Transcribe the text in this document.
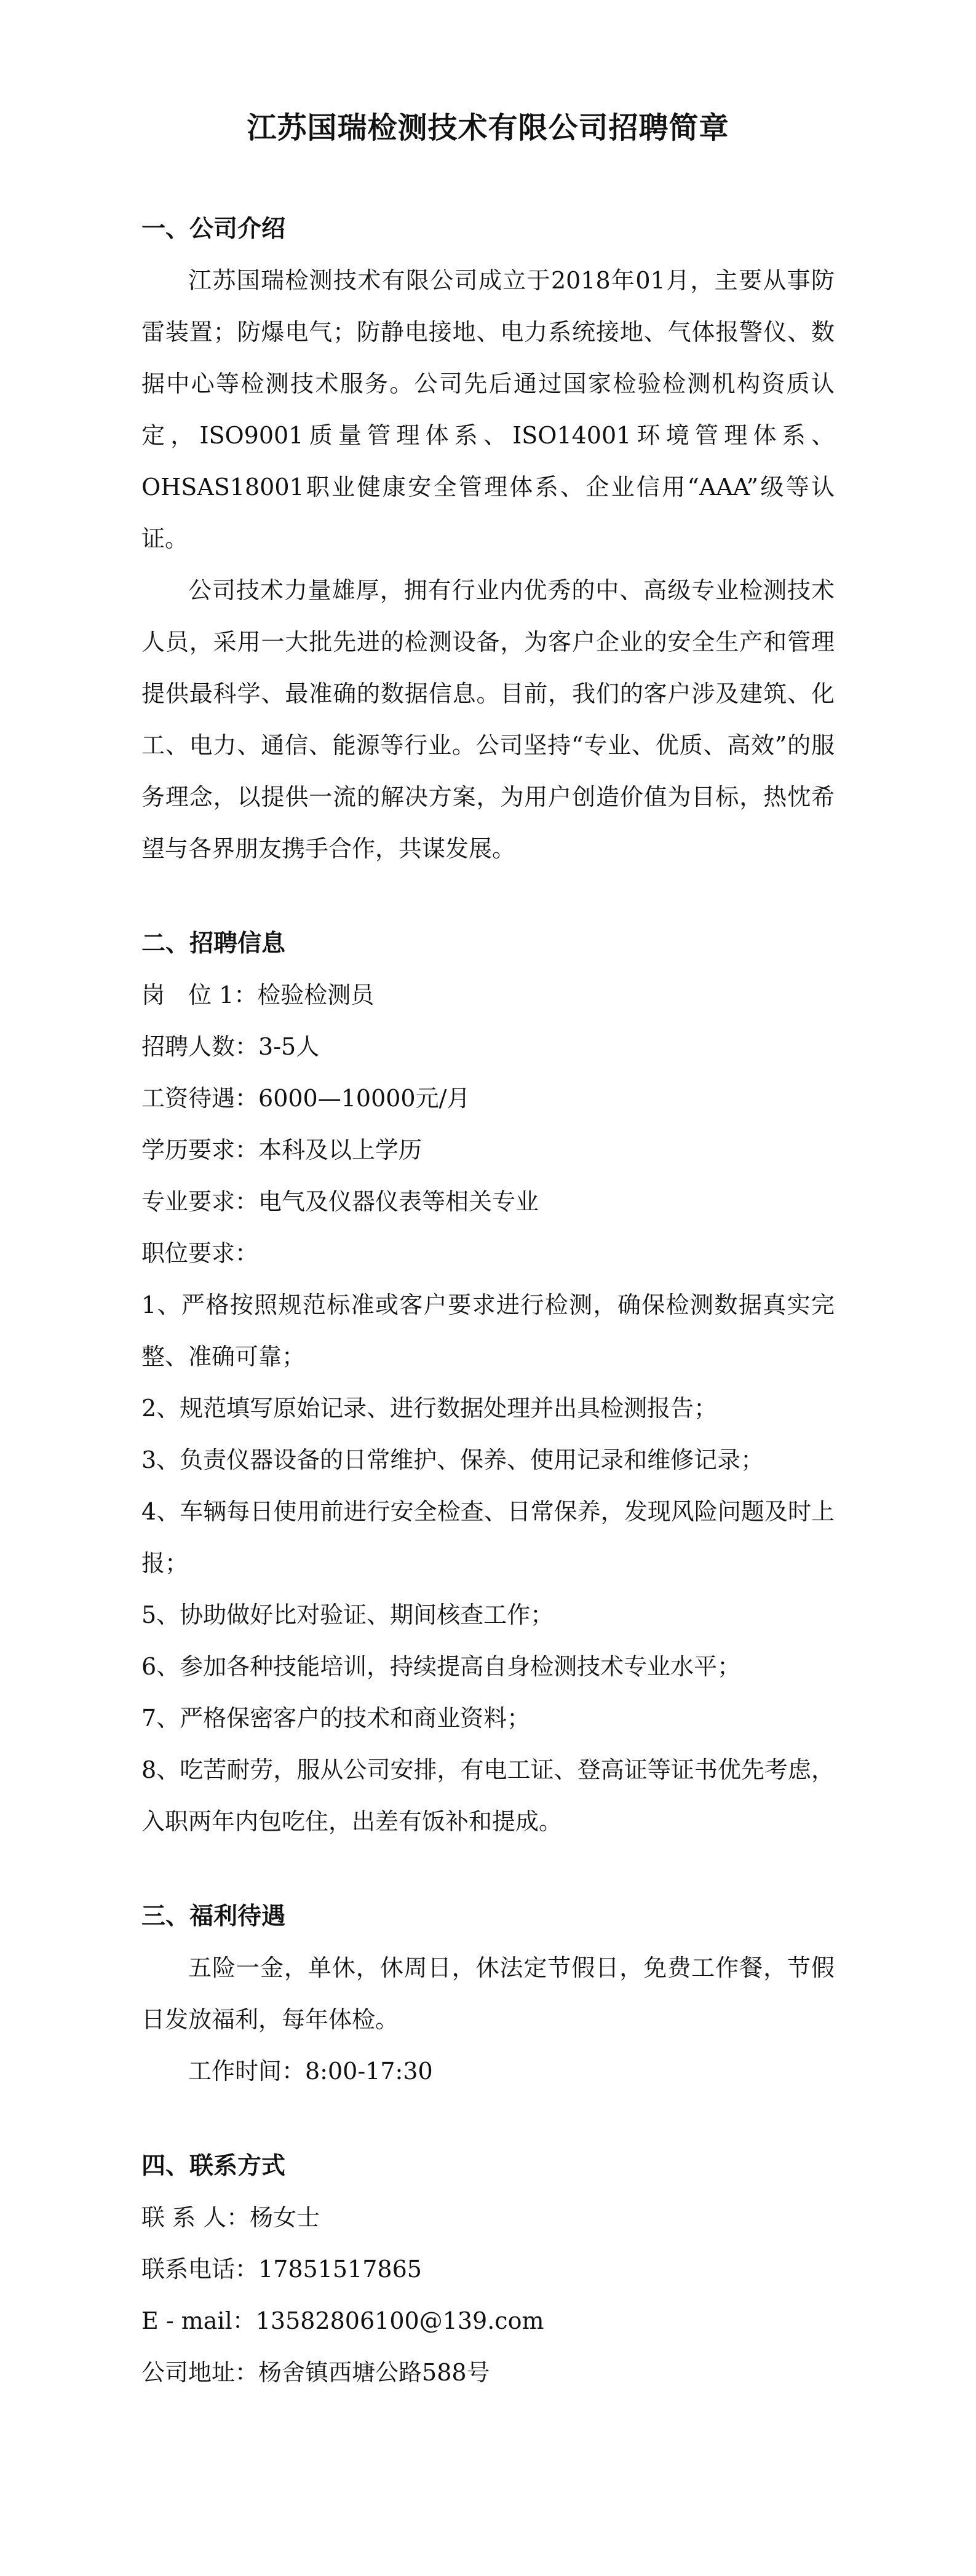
江苏国瑞检测技术有限公司招聘简章
一、公司介绍

江苏国瑞检测技术有限公司成立于2018年01月，主要从事防雷装置；防爆电气；防静电接地、电力系统接地、气体报警仪、数据中心等检测技术服务。公司先后通过国家检验检测机构资质认定，ISO9001质量管理体系、ISO14001环境管理体系、OHSAS18001职业健康安全管理体系、企业信用“AAA”级等认证。

公司技术力量雄厚，拥有行业内优秀的中、高级专业检测技术人员，采用一大批先进的检测设备，为客户企业的安全生产和管理提供最科学、最准确的数据信息。目前，我们的客户涉及建筑、化工、电力、通信、能源等行业。公司坚持“专业、优质、高效”的服务理念，以提供一流的解决方案，为用户创造价值为目标，热忱希望与各界朋友携手合作，共谋发展。

二、招聘信息

岗　位 1：检验检测员

招聘人数：3-5人

工资待遇：6000—10000元/月

学历要求：本科及以上学历

专业要求：电气及仪器仪表等相关专业

职位要求：

1、严格按照规范标准或客户要求进行检测，确保检测数据真实完整、准确可靠；

2、规范填写原始记录、进行数据处理并出具检测报告；

3、负责仪器设备的日常维护、保养、使用记录和维修记录；

4、车辆每日使用前进行安全检查、日常保养，发现风险问题及时上报；

5、协助做好比对验证、期间核查工作；

6、参加各种技能培训，持续提高自身检测技术专业水平；

7、严格保密客户的技术和商业资料；

8、吃苦耐劳，服从公司安排，有电工证、登高证等证书优先考虑，入职两年内包吃住，出差有饭补和提成。

三、福利待遇

五险一金，单休，休周日，休法定节假日，免费工作餐，节假日发放福利，每年体检。

工作时间：8:00-17:30

四、联系方式

联 系 人：杨女士

联系电话：17851517865

E - mail：13582806100@139.com

公司地址：杨舍镇西塘公路588号
